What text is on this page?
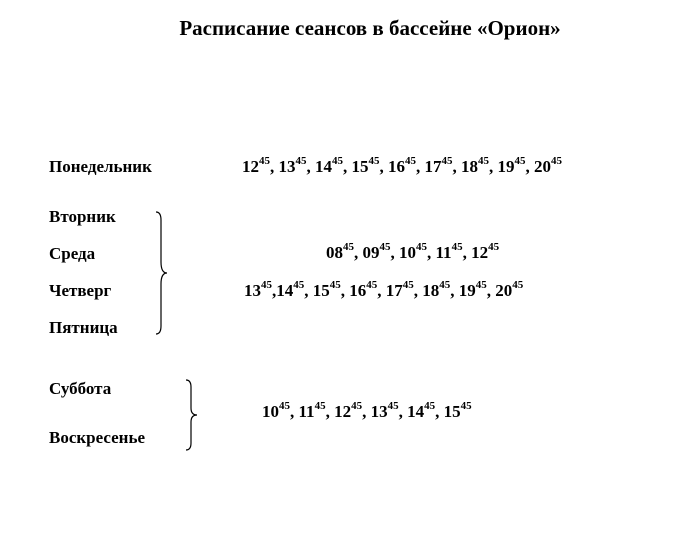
Расписание сеансов в бассейне «Орион»
Понедельник	$12^{45}$, $13^{45}$, $14^{45}$, $15^{45}$, $16^{45}$, $17^{45}$, $18^{45}$, $19^{45}$, $20^{45}$
Вторник
Среда
Четверг
Пятница
$08^{45}$, $09^{45}$, $10^{45}$, $11^{45}$, $12^{45}$
$13^{45},14^{45}$, $15^{45}$, $16^{45}$, $17^{45}$, $18^{45}$, $19^{45}$, $20^{45}$
Суббота
Воскресенье
$10^{45}$, $11^{45}$, $12^{45}$, $13^{45}$, $14^{45}$, $15^{45}$
